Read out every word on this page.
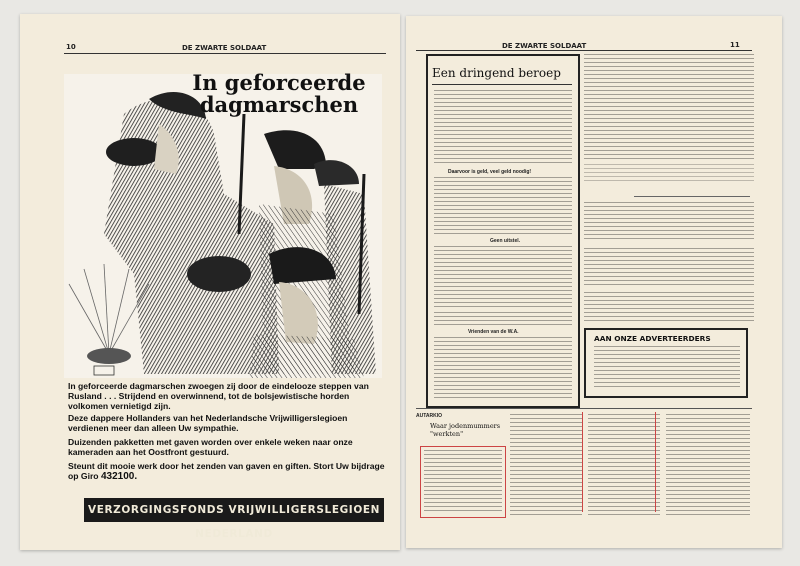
10	DE ZWARTE SOLDAAT
In geforceerde
dagmarschen
In geforceerde dagmarschen zwoegen zij door de eindelooze steppen van Rusland . . . Strijdend en overwinnend, tot de bolsjewistische horden volkomen vernietigd zijn.
Deze dappere Hollanders van het Nederlandsche Vrijwilligerslegioen verdienen meer dan alleen Uw sympathie.
Duizenden pakketten met gaven worden over enkele weken naar onze kameraden aan het Oostfront gestuurd.
Steunt dit mooie werk door het zenden van gaven en giften. Stort Uw bijdrage op Giro 432100.
VERZORGINGSFONDS VRIJWILLIGERSLEGIOEN NEDERLAND
DE ZWARTE SOLDAAT	11
Een dringend beroep
Daarvoor is geld, veel geld noodig!
Geen uitstel.
Vrienden van de W.A.
AAN ONZE ADVERTEERDERS
AUTARKIO
Waar jodenmummers "werkten"
